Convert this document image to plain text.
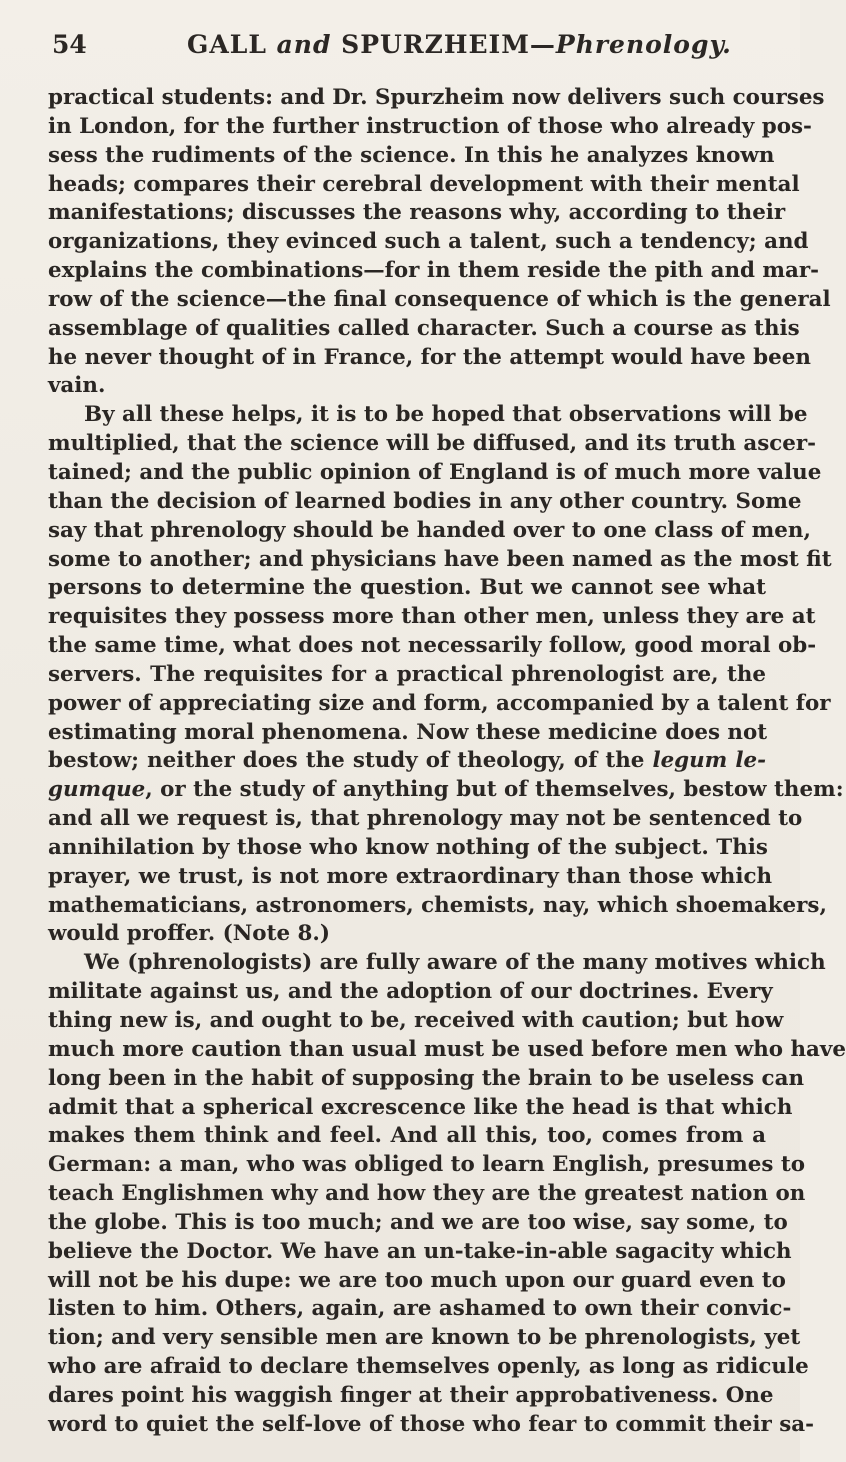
54	GALL and SPURZHEIM—Phrenology.
practical students: and Dr. Spurzheim now delivers such courses
in London, for the further instruction of those who already pos-
sess the rudiments of the science. In this he analyzes known
heads; compares their cerebral development with their mental
manifestations; discusses the reasons why, according to their
organizations, they evinced such a talent, such a tendency; and
explains the combinations—for in them reside the pith and mar-
row of the science—the final consequence of which is the general
assemblage of qualities called character. Such a course as this
he never thought of in France, for the attempt would have been
vain.
By all these helps, it is to be hoped that observations will be
multiplied, that the science will be diffused, and its truth ascer-
tained; and the public opinion of England is of much more value
than the decision of learned bodies in any other country. Some
say that phrenology should be handed over to one class of men,
some to another; and physicians have been named as the most fit
persons to determine the question. But we cannot see what
requisites they possess more than other men, unless they are at
the same time, what does not necessarily follow, good moral ob-
servers. The requisites for a practical phrenologist are, the
power of appreciating size and form, accompanied by a talent for
estimating moral phenomena. Now these medicine does not
bestow; neither does the study of theology, of the legum le-
gumque, or the study of anything but of themselves, bestow them:
and all we request is, that phrenology may not be sentenced to
annihilation by those who know nothing of the subject. This
prayer, we trust, is not more extraordinary than those which
mathematicians, astronomers, chemists, nay, which shoemakers,
would proffer. (Note 8.)
We (phrenologists) are fully aware of the many motives which
militate against us, and the adoption of our doctrines. Every
thing new is, and ought to be, received with caution; but how
much more caution than usual must be used before men who have
long been in the habit of supposing the brain to be useless can
admit that a spherical excrescence like the head is that which
makes them think and feel. And all this, too, comes from a
German: a man, who was obliged to learn English, presumes to
teach Englishmen why and how they are the greatest nation on
the globe. This is too much; and we are too wise, say some, to
believe the Doctor. We have an un-take-in-able sagacity which
will not be his dupe: we are too much upon our guard even to
listen to him. Others, again, are ashamed to own their convic-
tion; and very sensible men are known to be phrenologists, yet
who are afraid to declare themselves openly, as long as ridicule
dares point his waggish finger at their approbativeness. One
word to quiet the self-love of those who fear to commit their sa-
